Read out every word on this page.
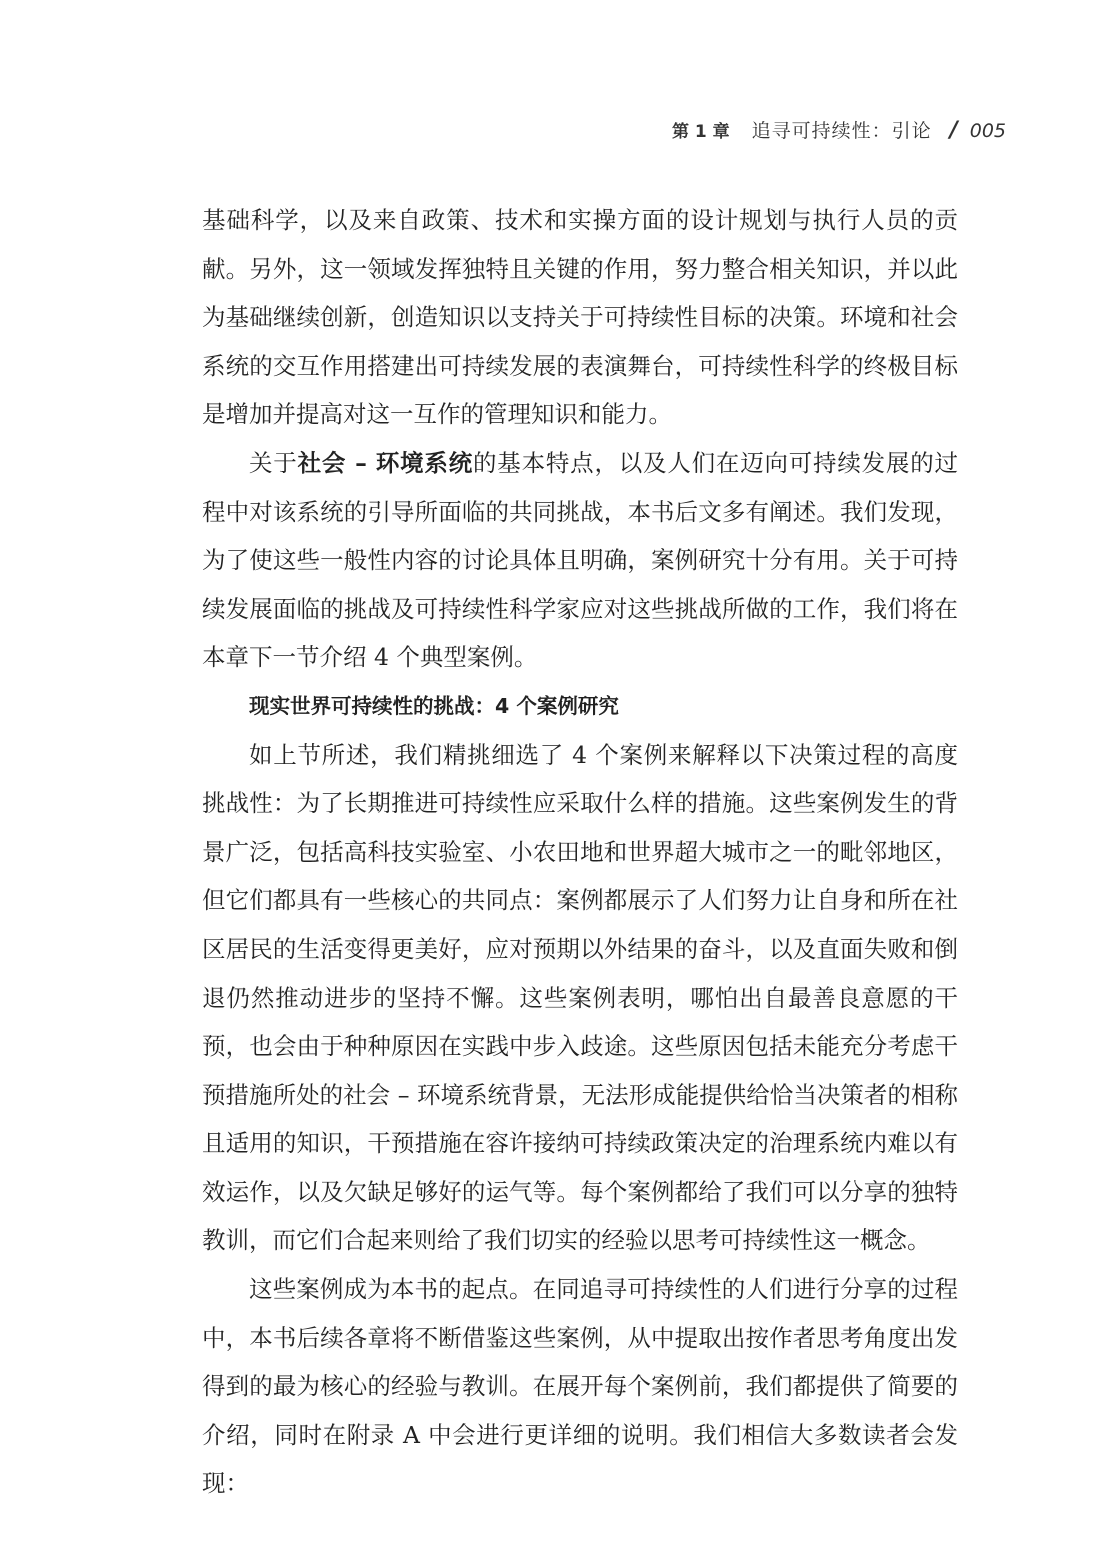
第 1 章 追寻可持续性：引论 / 005

基础科学，以及来自政策、技术和实操方面的设计规划与执行人员的贡献。另外，这一领域发挥独特且关键的作用，努力整合相关知识，并以此为基础继续创新，创造知识以支持关于可持续性目标的决策。环境和社会系统的交互作用搭建出可持续发展的表演舞台，可持续性科学的终极目标是增加并提高对这一互作的管理知识和能力。

关于社会 – 环境系统的基本特点，以及人们在迈向可持续发展的过程中对该系统的引导所面临的共同挑战，本书后文多有阐述。我们发现，为了使这些一般性内容的讨论具体且明确，案例研究十分有用。关于可持续发展面临的挑战及可持续性科学家应对这些挑战所做的工作，我们将在本章下一节介绍 4 个典型案例。

现实世界可持续性的挑战：4 个案例研究

如上节所述，我们精挑细选了 4 个案例来解释以下决策过程的高度挑战性：为了长期推进可持续性应采取什么样的措施。这些案例发生的背景广泛，包括高科技实验室、小农田地和世界超大城市之一的毗邻地区，但它们都具有一些核心的共同点：案例都展示了人们努力让自身和所在社区居民的生活变得更美好，应对预期以外结果的奋斗，以及直面失败和倒退仍然推动进步的坚持不懈。这些案例表明，哪怕出自最善良意愿的干预，也会由于种种原因在实践中步入歧途。这些原因包括未能充分考虑干预措施所处的社会 – 环境系统背景，无法形成能提供给恰当决策者的相称且适用的知识，干预措施在容许接纳可持续政策决定的治理系统内难以有效运作，以及欠缺足够好的运气等。每个案例都给了我们可以分享的独特教训，而它们合起来则给了我们切实的经验以思考可持续性这一概念。

这些案例成为本书的起点。在同追寻可持续性的人们进行分享的过程中，本书后续各章将不断借鉴这些案例，从中提取出按作者思考角度出发得到的最为核心的经验与教训。在展开每个案例前，我们都提供了简要的介绍，同时在附录 A 中会进行更详细的说明。我们相信大多数读者会发现：
